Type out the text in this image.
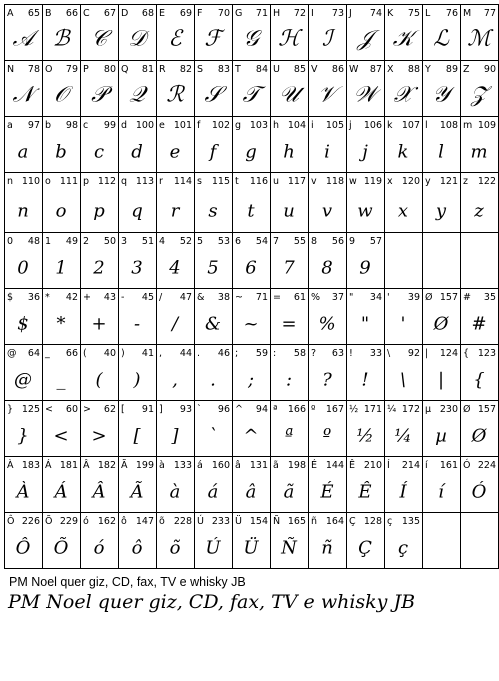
A 65
𝒜
B 66
ℬ
C 67
𝒞
D 68
𝒟
E 69
ℰ
F 70
ℱ
G 71
𝒢
H 72
ℋ
I 73
ℐ
J 74
𝒥
K 75
𝒦
L 76
ℒ
M 77
ℳ
N 78
𝒩
O 79
𝒪
P 80
𝒫
Q 81
𝒬
R 82
ℛ
S 83
𝒮
T 84
𝒯
U 85
𝒰
V 86
𝒱
W 87
𝒲
X 88
𝒳
Y 89
𝒴
Z 90
𝒵
a 97
a
b 98
b
c 99
c
d 100
d
e 101
e
f 102
f
g 103
g
h 104
h
i 105
i
j 106
j
k 107
k
l 108
l
m 109
m
n 110
n
o 111
o
p 112
p
q 113
q
r 114
r
s 115
s
t 116
t
u 117
u
v 118
v
w 119
w
x 120
x
y 121
y
z 122
z
0 48
0
1 49
1
2 50
2
3 51
3
4 52
4
5 53
5
6 54
6
7 55
7
8 56
8
9 57
9
$ 36
$
* 42
*
+ 43
+
- 45
-
/ 47
/
& 38
&
~ 71
~
= 61
=
% 37
%
" 34
"
' 39
'
Ø 157
Ø
# 35
#
@ 64
@
_ 66
_
( 40
(
) 41
)
, 44
,
. 46
.
; 59
;
: 58
:
? 63
?
! 33
!
\ 92
\
| 124
|
{ 123
{
} 125
}
< 60
<
> 62
>
[ 91
[
] 93
]
` 96
`
^ 94
^
ª 166
ª
º 167
º
½ 171
½
¼ 172
¼
µ 230
µ
Ø 157
Ø
À 183
À
Á 181
Á
Â 182
Â
Ã 199
Ã
à 133
à
á 160
á
â 131
â
ã 198
ã
É 144
É
Ê 210
Ê
Í 214
Í
í 161
í
Ó 224
Ó
Ô 226
Ô
Õ 229
Õ
ó 162
ó
ô 147
ô
õ 228
õ
Ú 233
Ú
Ü 154
Ü
Ñ 165
Ñ
ñ 164
ñ
Ç 128
Ç
ç 135
ç
PM Noel quer giz, CD, fax, TV e whisky JB
PM Noel quer giz, CD, fax, TV e whisky JB
